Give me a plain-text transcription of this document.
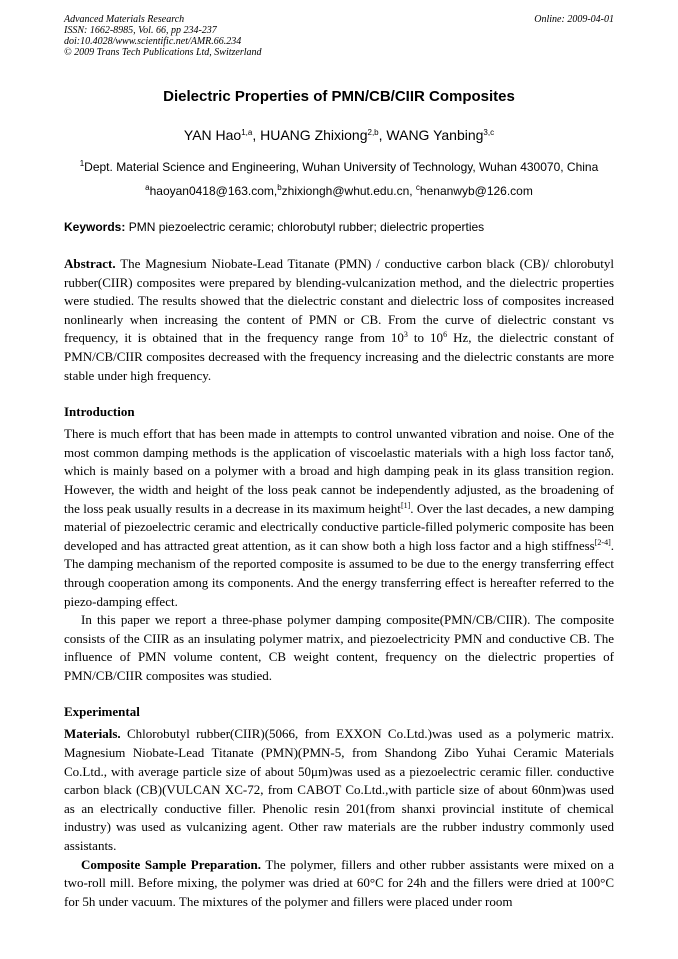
Advanced Materials Research
ISSN: 1662-8985, Vol. 66, pp 234-237
doi:10.4028/www.scientific.net/AMR.66.234
© 2009 Trans Tech Publications Ltd, Switzerland
Online: 2009-04-01
Dielectric Properties of PMN/CB/CIIR Composites
YAN Hao$^{1,a}$, HUANG Zhixiong$^{2,b}$, WANG Yanbing$^{3,c}$
$^1$Dept. Material Science and Engineering, Wuhan University of Technology, Wuhan 430070, China
$^a$haoyan0418@163.com,$^b$zhixiongh@whut.edu.cn, $^c$henanwyb@126.com
Keywords: PMN piezoelectric ceramic; chlorobutyl rubber; dielectric properties

Abstract. The Magnesium Niobate-Lead Titanate (PMN) / conductive carbon black (CB)/ chlorobutyl rubber(CIIR) composites were prepared by blending-vulcanization method, and the dielectric properties were studied. The results showed that the dielectric constant and dielectric loss of composites increased nonlinearly when increasing the content of PMN or CB. From the curve of dielectric constant vs frequency, it is obtained that in the frequency range from $10^3$ to $10^6$ Hz, the dielectric constant of PMN/CB/CIIR composites decreased with the frequency increasing and the dielectric constants are more stable under high frequency.

Introduction

There is much effort that has been made in attempts to control unwanted vibration and noise. One of the most common damping methods is the application of viscoelastic materials with a high loss factor tanδ, which is mainly based on a polymer with a broad and high damping peak in its glass transition region. However, the width and height of the loss peak cannot be independently adjusted, as the broadening of the loss peak usually results in a decrease in its maximum height[1]. Over the last decades, a new damping material of piezoelectric ceramic and electrically conductive particle-filled polymeric composite has been developed and has attracted great attention, as it can show both a high loss factor and a high stiffness[2-4]. The damping mechanism of the reported composite is assumed to be due to the energy transferring effect through cooperation among its components. And the energy transferring effect is hereafter referred to the piezo-damping effect.

In this paper we report a three-phase polymer damping composite(PMN/CB/CIIR). The composite consists of the CIIR as an insulating polymer matrix, and piezoelectricity PMN and conductive CB. The influence of PMN volume content, CB weight content, frequency on the dielectric properties of PMN/CB/CIIR composites was studied.

Experimental

Materials. Chlorobutyl rubber(CIIR)(5066, from EXXON Co.Ltd.)was used as a polymeric matrix. Magnesium Niobate-Lead Titanate (PMN)(PMN-5, from Shandong Zibo Yuhai Ceramic Materials Co.Ltd., with average particle size of about 50μm)was used as a piezoelectric ceramic filler. conductive carbon black (CB)(VULCAN XC-72, from CABOT Co.Ltd.,with particle size of about 60nm)was used as an electrically conductive filler. Phenolic resin 201(from shanxi provincial institute of chemical industry) was used as vulcanizing agent. Other raw materials are the rubber industry commonly used assistants.

Composite Sample Preparation. The polymer, fillers and other rubber assistants were mixed on a two-roll mill. Before mixing, the polymer was dried at 60°C for 24h and the fillers were dried at 100°C for 5h under vacuum. The mixtures of the polymer and fillers were placed under room
